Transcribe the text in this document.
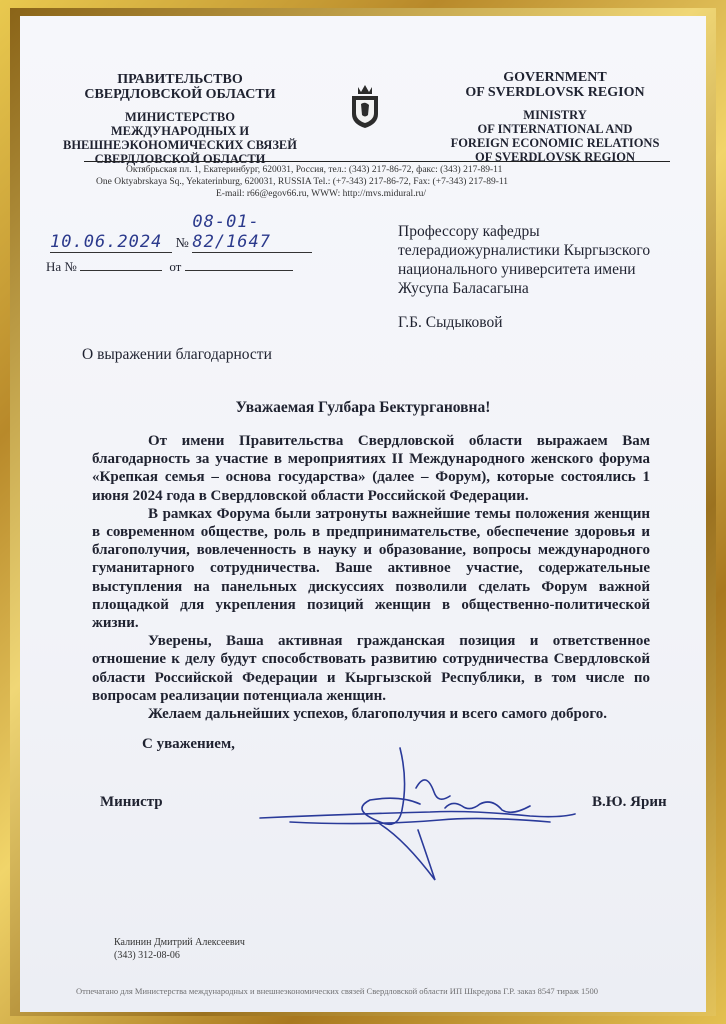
ПРАВИТЕЛЬСТВО
СВЕРДЛОВСКОЙ ОБЛАСТИ
МИНИСТЕРСТВО
МЕЖДУНАРОДНЫХ И
ВНЕШНЕЭКОНОМИЧЕСКИХ СВЯЗЕЙ
СВЕРДЛОВСКОЙ ОБЛАСТИ
GOVERNMENT
OF SVERDLOVSK REGION
MINISTRY
OF INTERNATIONAL AND
FOREIGN ECONOMIC RELATIONS
OF SVERDLOVSK REGION
Октябрьская пл. 1, Екатеринбург, 620031, Россия, тел.: (343) 217-86-72, факс: (343) 217-89-11
One Oktyabrskaya Sq., Yekaterinburg, 620031, RUSSIA Tel.: (+7-343) 217-86-72, Fax: (+7-343) 217-89-11
E-mail: r66@egov66.ru, WWW: http://mvs.midural.ru/
10.06.2024 № 08-01-82/1647
На №	от
Профессору кафедры
телерадиожурналистики Кыргызского
национального университета имени
Жусупа Баласагына
Г.Б. Сыдыковой
О выражении благодарности
Уважаемая Гулбара Бектургановна!

От имени Правительства Свердловской области выражаем Вам благодарность за участие в мероприятиях II Международного женского форума «Крепкая семья – основа государства» (далее – Форум), которые состоялись 1 июня 2024 года в Свердловской области Российской Федерации.

В рамках Форума были затронуты важнейшие темы положения женщин в современном обществе, роль в предпринимательстве, обеспечение здоровья и благополучия, вовлеченность в науку и образование, вопросы международного гуманитарного сотрудничества. Ваше активное участие, содержательные выступления на панельных дискуссиях позволили сделать Форум важной площадкой для укрепления позиций женщин в общественно-политической жизни.

Уверены, Ваша активная гражданская позиция и ответственное отношение к делу будут способствовать развитию сотрудничества Свердловской области Российской Федерации и Кыргызской Республики, в том числе по вопросам реализации потенциала женщин.

Желаем дальнейших успехов, благополучия и всего самого доброго.

С уважением,
Министр	В.Ю. Ярин
Калинин Дмитрий Алексеевич
(343) 312-08-06
Отпечатано для Министерства международных и внешнеэкономических связей Свердловской области ИП Шкредова Г.Р. заказ 8547 тираж 1500
